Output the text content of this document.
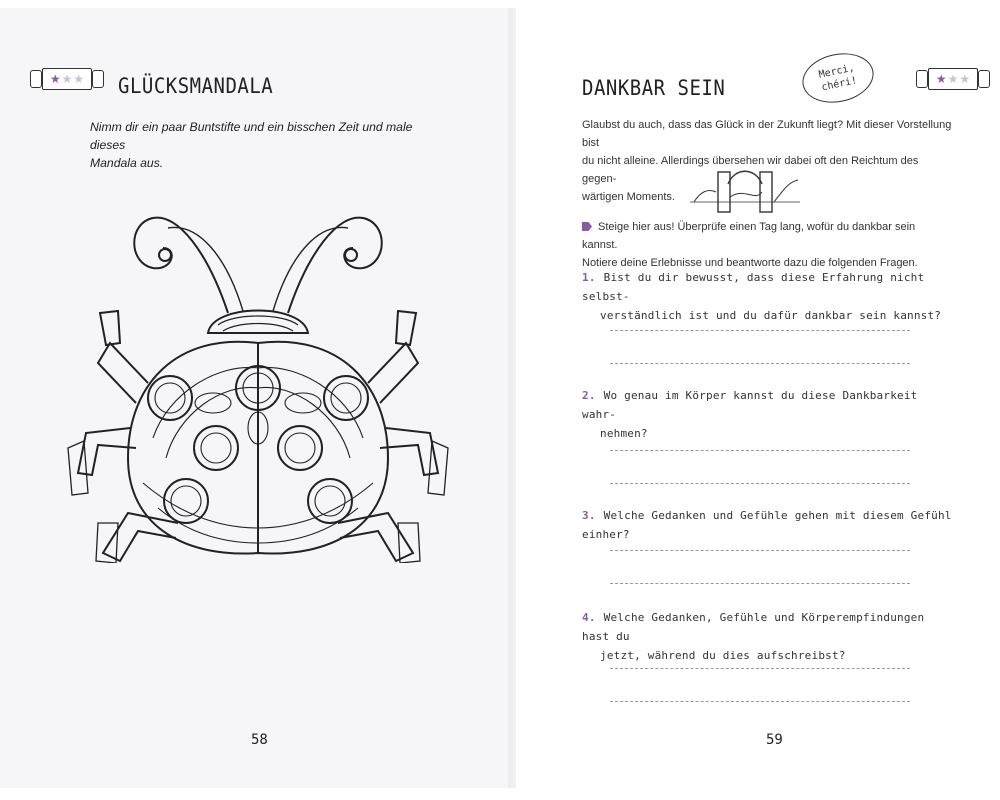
★ ★ ★ GLÜCKSMANDALA
Nimm dir ein paar Buntstifte und ein bisschen Zeit und male dieses
Mandala aus.
58
DANKBAR SEIN
Merci,
chéri!	★ ★ ★
Glaubst du auch, dass das Glück in der Zukunft liegt? Mit dieser Vorstellung bist
du nicht alleine. Allerdings übersehen wir dabei oft den Reichtum des gegen-
wärtigen Moments.
Steige hier aus! Überprüfe einen Tag lang, wofür du dankbar sein kannst.
Notiere deine Erlebnisse und beantworte dazu die folgenden Fragen.
1. Bist du dir bewusst, dass diese Erfahrung nicht selbst-
verständlich ist und du dafür dankbar sein kannst?
2. Wo genau im Körper kannst du diese Dankbarkeit wahr-
nehmen?
3. Welche Gedanken und Gefühle gehen mit diesem Gefühl einher?
4. Welche Gedanken, Gefühle und Körperempfindungen hast du
jetzt, während du dies aufschreibst?
59
